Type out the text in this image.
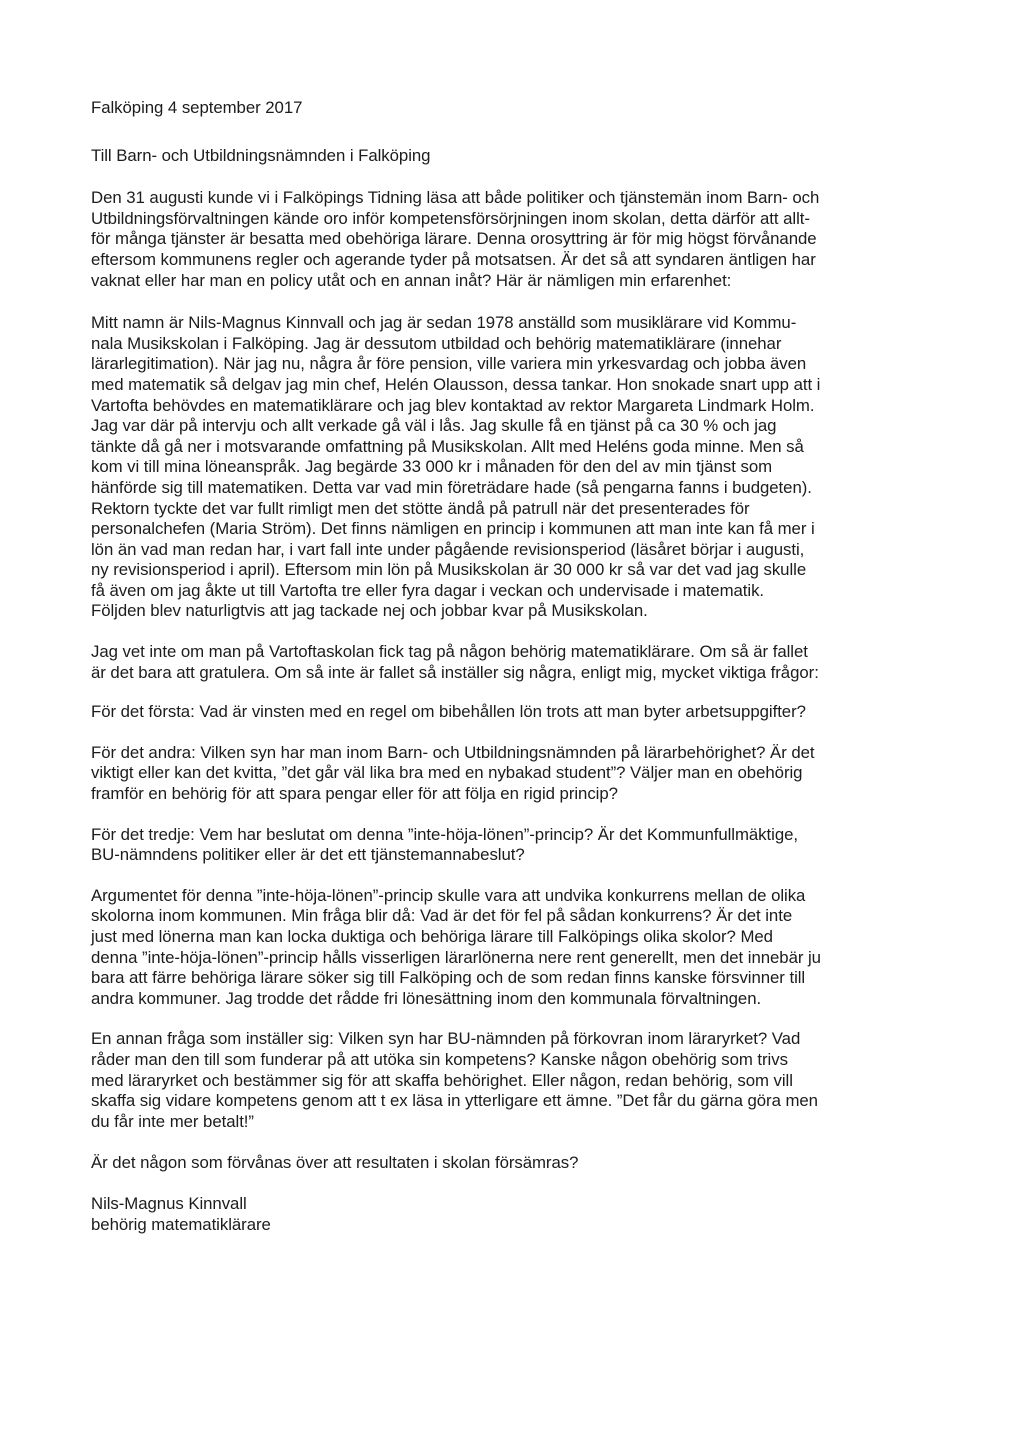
Falköping 4 september 2017

Till Barn- och Utbildningsnämnden i Falköping

Den 31 augusti kunde vi i Falköpings Tidning läsa att både politiker och tjänstemän inom Barn- och
Utbildningsförvaltningen kände oro inför kompetensförsörjningen inom skolan, detta därför att allt-
för många tjänster är besatta med obehöriga lärare. Denna orosyttring är för mig högst förvånande
eftersom kommunens regler och agerande tyder på motsatsen. Är det så att syndaren äntligen har
vaknat eller har man en policy utåt och en annan inåt? Här är nämligen min erfarenhet:

Mitt namn är Nils-Magnus Kinnvall och jag är sedan 1978 anställd som musiklärare vid Kommu-
nala Musikskolan i Falköping. Jag är dessutom utbildad och behörig matematiklärare (innehar
lärarlegitimation). När jag nu, några år före pension, ville variera min yrkesvardag och jobba även
med matematik så delgav jag min chef, Helén Olausson, dessa tankar. Hon snokade snart upp att i
Vartofta behövdes en matematiklärare och jag blev kontaktad av rektor Margareta Lindmark Holm.
Jag var där på intervju och allt verkade gå väl i lås. Jag skulle få en tjänst på ca 30 % och jag
tänkte då gå ner i motsvarande omfattning på Musikskolan. Allt med Heléns goda minne. Men så
kom vi till mina löneanspråk. Jag begärde 33 000 kr i månaden för den del av min tjänst som
hänförde sig till matematiken. Detta var vad min företrädare hade (så pengarna fanns i budgeten).
Rektorn tyckte det var fullt rimligt men det stötte ändå på patrull när det presenterades för
personalchefen (Maria Ström). Det finns nämligen en princip i kommunen att man inte kan få mer i
lön än vad man redan har, i vart fall inte under pågående revisionsperiod (läsåret börjar i augusti,
ny revisionsperiod i april). Eftersom min lön på Musikskolan är 30 000 kr så var det vad jag skulle
få även om jag åkte ut till Vartofta tre eller fyra dagar i veckan och undervisade i matematik.
Följden blev naturligtvis att jag tackade nej och jobbar kvar på Musikskolan.

Jag vet inte om man på Vartoftaskolan fick tag på någon behörig matematiklärare. Om så är fallet
är det bara att gratulera. Om så inte är fallet så inställer sig några, enligt mig, mycket viktiga frågor:

För det första: Vad är vinsten med en regel om bibehållen lön trots att man byter arbetsuppgifter?

För det andra: Vilken syn har man inom Barn- och Utbildningsnämnden på lärarbehörighet? Är det
viktigt eller kan det kvitta, ”det går väl lika bra med en nybakad student”? Väljer man en obehörig
framför en behörig för att spara pengar eller för att följa en rigid princip?

För det tredje: Vem har beslutat om denna ”inte-höja-lönen”-princip? Är det Kommunfullmäktige,
BU-nämndens politiker eller är det ett tjänstemannabeslut?

Argumentet för denna ”inte-höja-lönen”-princip skulle vara att undvika konkurrens mellan de olika
skolorna inom kommunen. Min fråga blir då: Vad är det för fel på sådan konkurrens? Är det inte
just med lönerna man kan locka duktiga och behöriga lärare till Falköpings olika skolor? Med
denna ”inte-höja-lönen”-princip hålls visserligen lärarlönerna nere rent generellt, men det innebär ju
bara att färre behöriga lärare söker sig till Falköping och de som redan finns kanske försvinner till
andra kommuner. Jag trodde det rådde fri lönesättning inom den kommunala förvaltningen.

En annan fråga som inställer sig: Vilken syn har BU-nämnden på förkovran inom läraryrket? Vad
råder man den till som funderar på att utöka sin kompetens? Kanske någon obehörig som trivs
med läraryrket och bestämmer sig för att skaffa behörighet. Eller någon, redan behörig, som vill
skaffa sig vidare kompetens genom att t ex läsa in ytterligare ett ämne. ”Det får du gärna göra men
du får inte mer betalt!”

Är det någon som förvånas över att resultaten i skolan försämras?

Nils-Magnus Kinnvall
behörig matematiklärare
